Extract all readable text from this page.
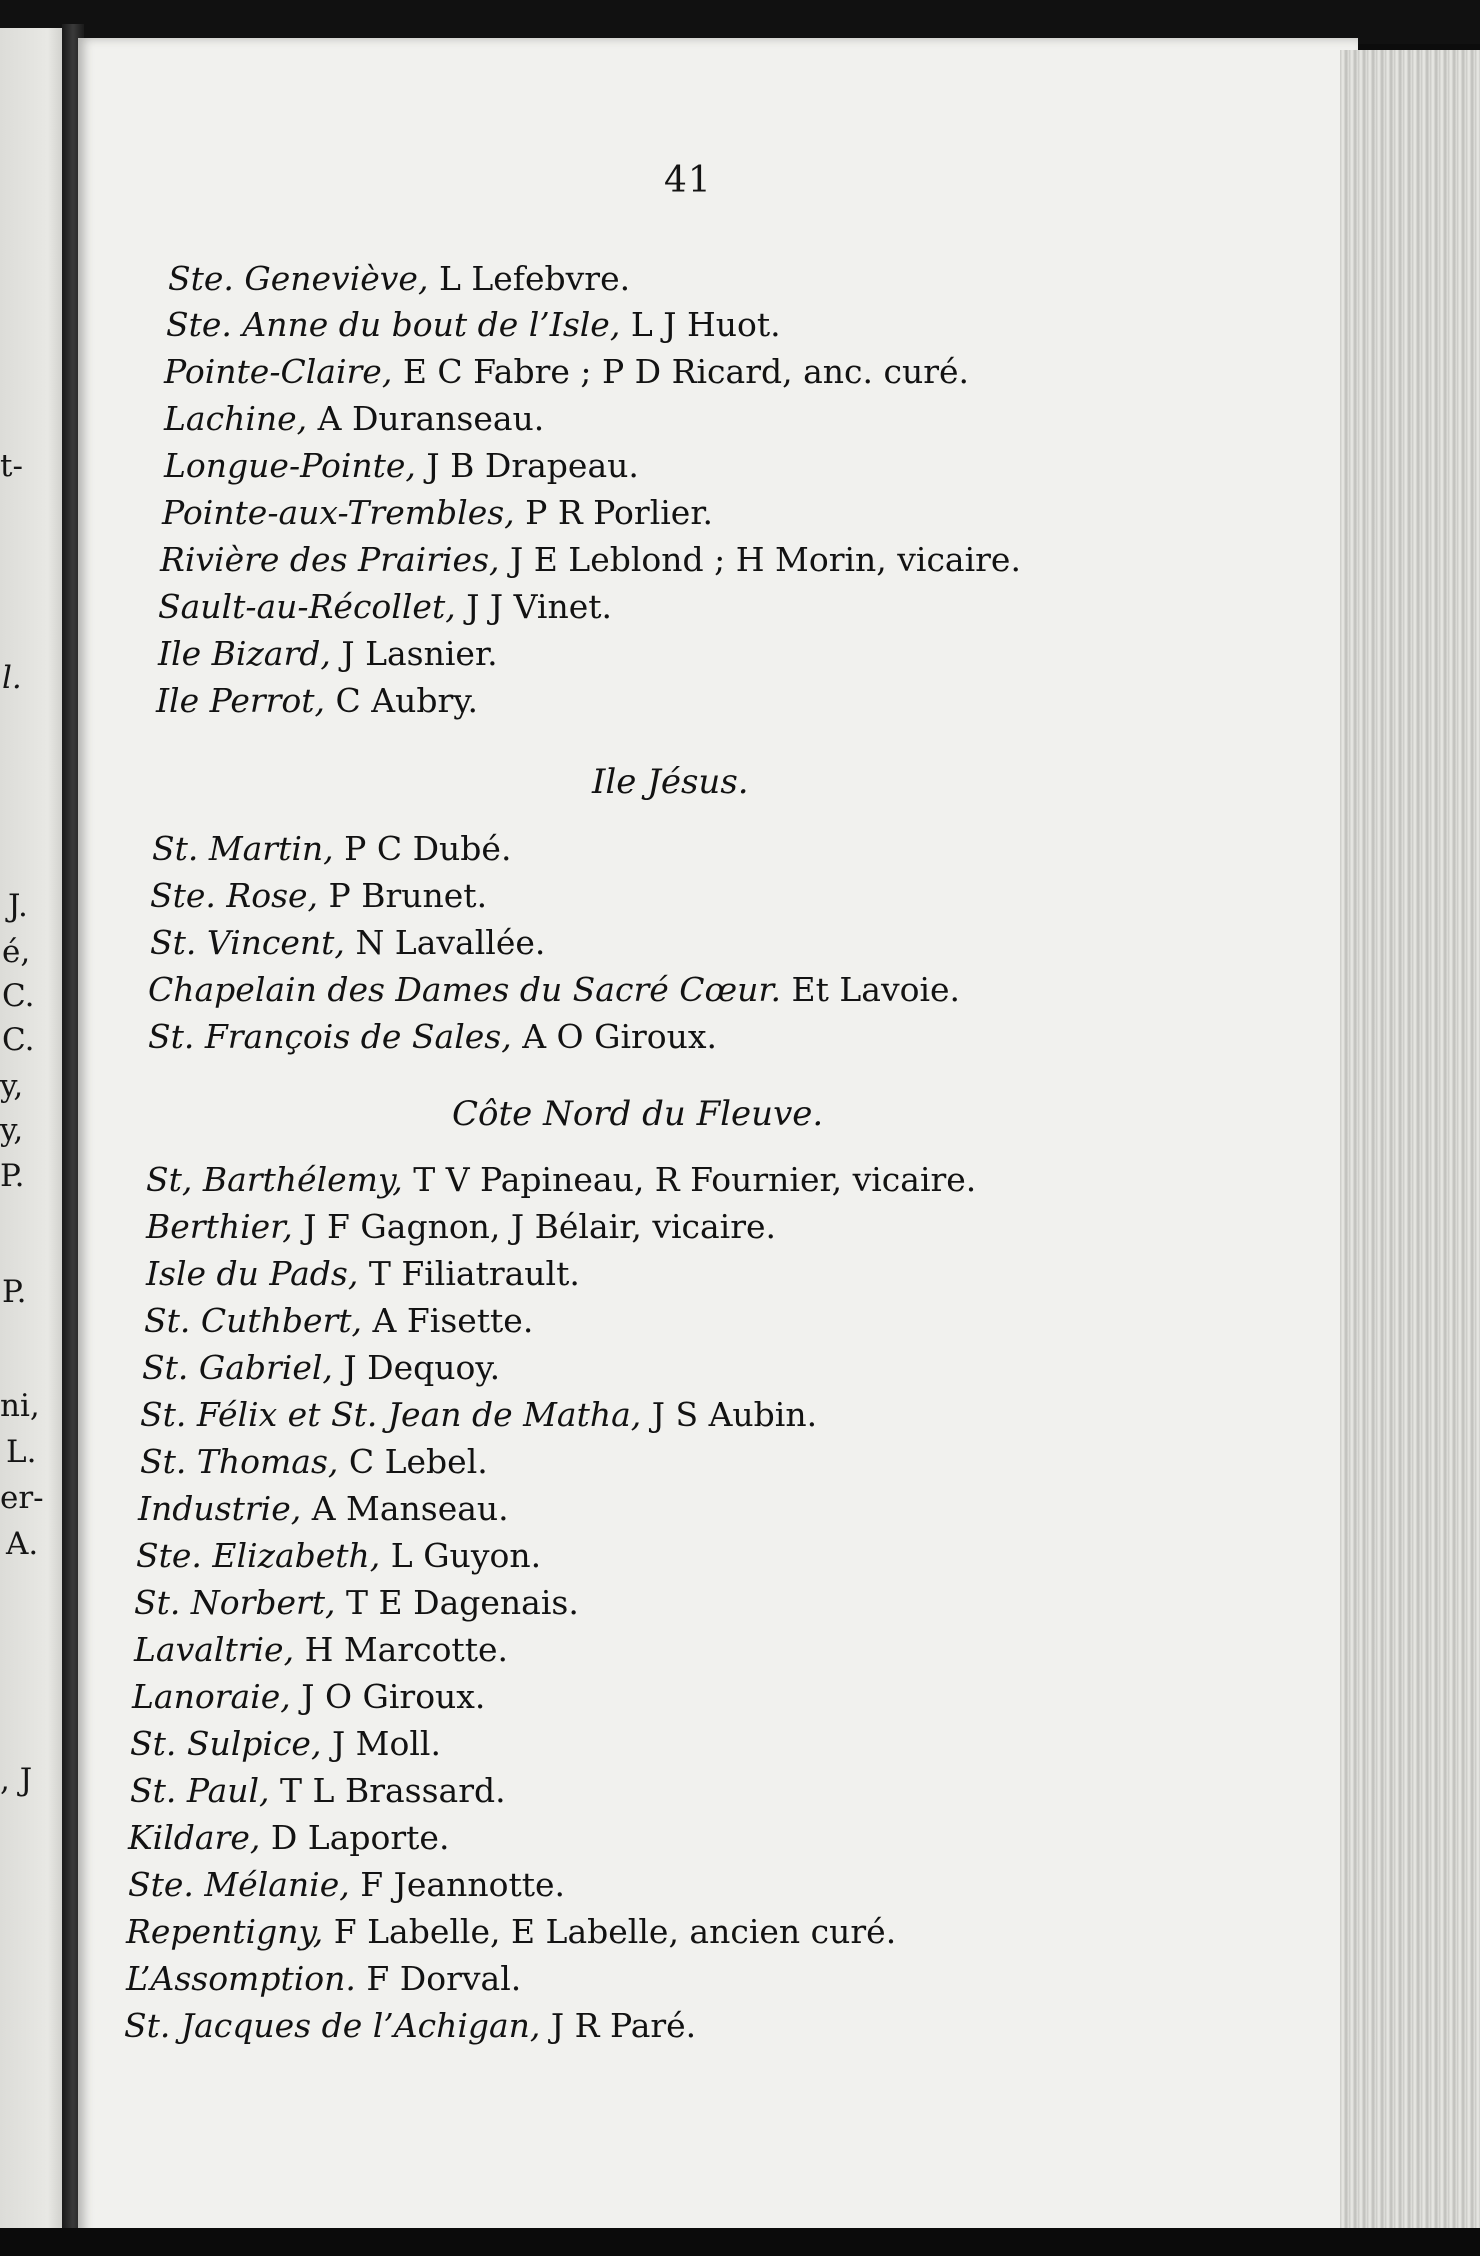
t-
l.
J.
é,
C.
C.
y,
y,
P.
P.
ni,
L.
er-
A.
, J
41
Ste. Geneviève, L Lefebvre.
Ste. Anne du bout de l’Isle, L J Huot.
Pointe-Claire, E C Fabre ; P D Ricard, anc. curé.
Lachine, A Duranseau.
Longue-Pointe, J B Drapeau.
Pointe-aux-Trembles, P R Porlier.
Rivière des Prairies, J E Leblond ; H Morin, vicaire.
Sault-au-Récollet, J J Vinet.
Ile Bizard, J Lasnier.
Ile Perrot, C Aubry.
Ile Jésus.
St. Martin, P C Dubé.
Ste. Rose, P Brunet.
St. Vincent, N Lavallée.
Chapelain des Dames du Sacré Cœur. Et Lavoie.
St. François de Sales, A O Giroux.
Côte Nord du Fleuve.
St, Barthélemy, T V Papineau, R Fournier, vicaire.
Berthier, J F Gagnon, J Bélair, vicaire.
Isle du Pads, T Filiatrault.
St. Cuthbert, A Fisette.
St. Gabriel, J Dequoy.
St. Félix et St. Jean de Matha, J S Aubin.
St. Thomas, C Lebel.
Industrie, A Manseau.
Ste. Elizabeth, L Guyon.
St. Norbert, T E Dagenais.
Lavaltrie, H Marcotte.
Lanoraie, J O Giroux.
St. Sulpice, J Moll.
St. Paul, T L Brassard.
Kildare, D Laporte.
Ste. Mélanie, F Jeannotte.
Repentigny, F Labelle, E Labelle, ancien curé.
L’Assomption. F Dorval.
St. Jacques de l’Achigan, J R Paré.
